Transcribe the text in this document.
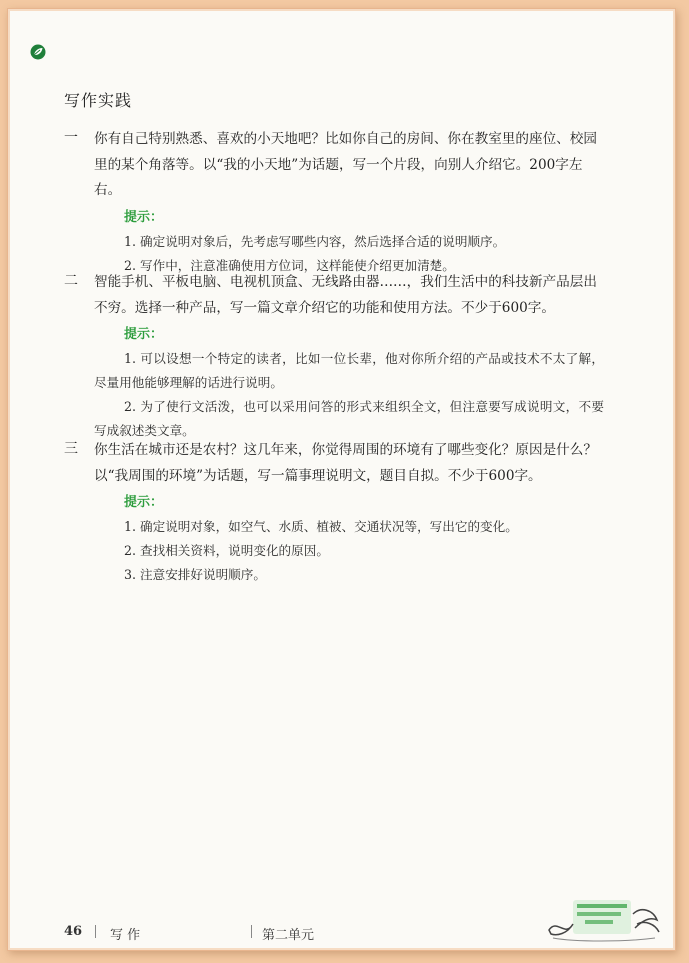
写作实践
一 你有自己特别熟悉、喜欢的小天地吧？比如你自己的房间、你在教室里的座位、校园里的某个角落等。以“我的小天地”为话题，写一个片段，向别人介绍它。200字左右。
提示：
1. 确定说明对象后，先考虑写哪些内容，然后选择合适的说明顺序。
2. 写作中，注意准确使用方位词，这样能使介绍更加清楚。
二 智能手机、平板电脑、电视机顶盒、无线路由器……，我们生活中的科技新产品层出不穷。选择一种产品，写一篇文章介绍它的功能和使用方法。不少于600字。
提示：
1. 可以设想一个特定的读者，比如一位长辈，他对你所介绍的产品或技术不太了解，尽量用他能够理解的话进行说明。
2. 为了使行文活泼，也可以采用问答的形式来组织全文，但注意要写成说明文，不要写成叙述类文章。
三 你生活在城市还是农村？这几年来，你觉得周围的环境有了哪些变化？原因是什么？以“我周围的环境”为话题，写一篇事理说明文，题目自拟。不少于600字。
提示：
1. 确定说明对象，如空气、水质、植被、交通状况等，写出它的变化。
2. 查找相关资料，说明变化的原因。
3. 注意安排好说明顺序。
46 写 作	第二单元
